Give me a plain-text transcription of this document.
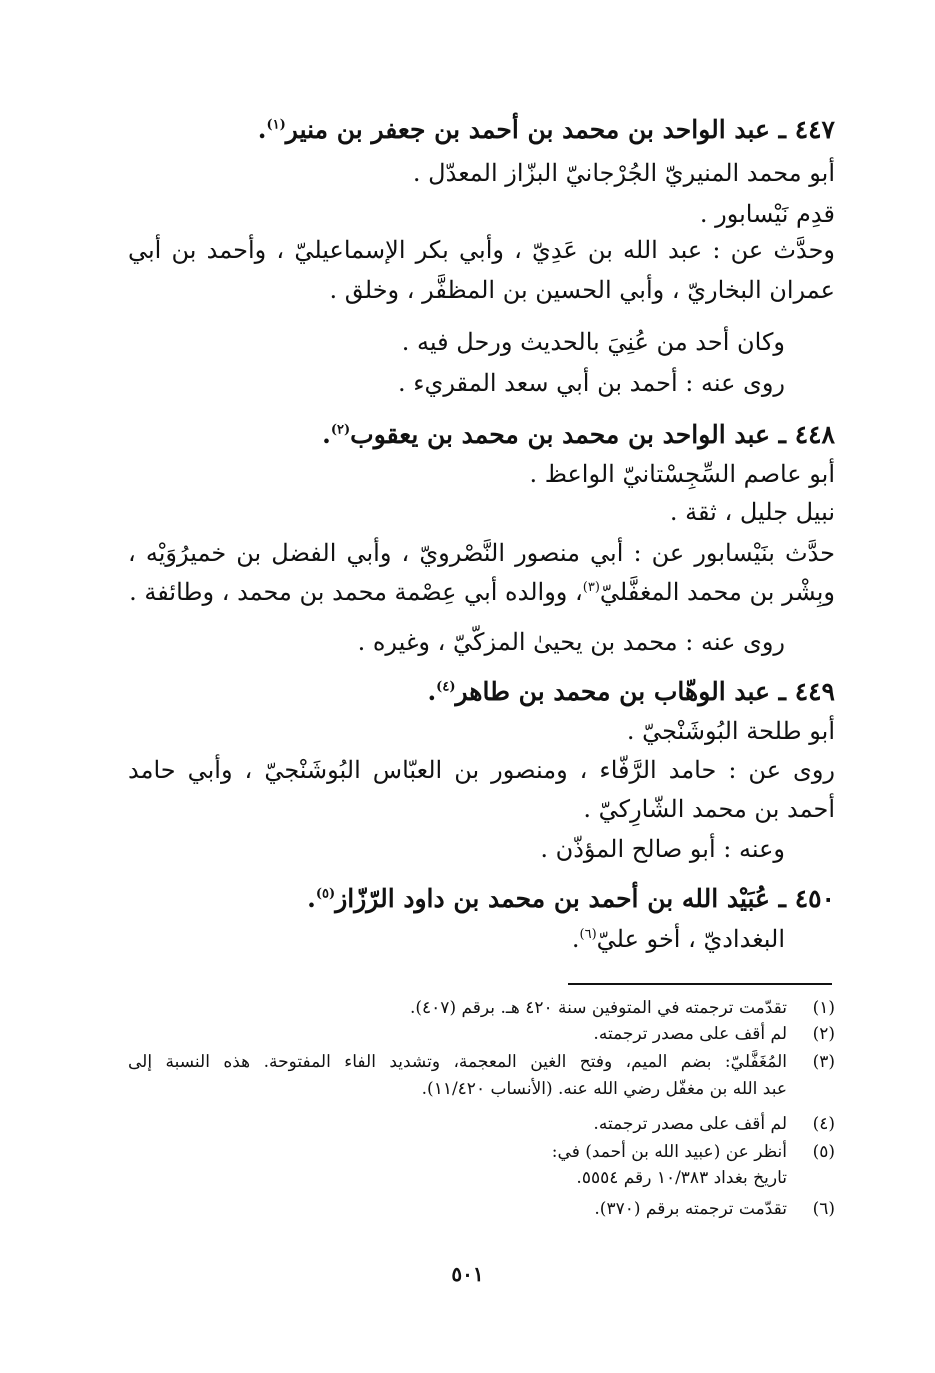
٤٤٧ ـ عبد الواحد بن محمد بن أحمد بن جعفر بن منير$^{(١)}$.
أبو محمد المنيريّ الجُرْجانيّ البزّاز المعدّل .
قدِم نَيْسابور .
وحدَّث عن : عبد الله بن عَدِيّ ، وأبي بكر الإسماعيليّ ، وأحمد بن أبي
عمران البخاريّ ، وأبي الحسين بن المظفَّر ، وخلق .
وكان أحد من عُنِيَ بالحديث ورحل فيه .
روى عنه : أحمد بن أبي سعد المقريء .
٤٤٨ ـ عبد الواحد بن محمد بن محمد بن يعقوب$^{(٢)}$.
أبو عاصم السِّجِسْتانيّ الواعظ .
نبيل جليل ، ثقة .
حدَّث بنَيْسابور عن : أبي منصور النَّصْرويّ ، وأبي الفضل بن خميرُوَيْه ،
وبِشْر بن محمد المغفَّليّ$^{(٣)}$، ووالده أبي عِصْمة محمد بن محمد ، وطائفة .
روى عنه : محمد بن يحيىٰ المزكّيّ ، وغيره .
٤٤٩ ـ عبد الوهّاب بن محمد بن طاهر$^{(٤)}$.
أبو طلحة البُوشَنْجيّ .
روى عن : حامد الرَّفّاء ، ومنصور بن العبّاس البُوشَنْجيّ ، وأبي حامد
أحمد بن محمد الشّارِكيّ .
وعنه : أبو صالح المؤذّن .
٤٥٠ ـ عُبَيْد الله بن أحمد بن محمد بن داود الرّزّاز$^{(٥)}$.
البغداديّ ، أخو عليّ$^{(٦)}$.
(١)
تقدّمت ترجمته في المتوفين سنة ٤٢٠ هـ. برقم (٤٠٧).
(٢)
لم أقف على مصدر ترجمته.
(٣)
المُغَفَّليّ: بضم الميم، وفتح الغين المعجمة، وتشديد الفاء المفتوحة. هذه النسبة إلى
عبد الله بن مغفّل رضي الله عنه. (الأنساب ١١/٤٢٠).
(٤)
لم أقف على مصدر ترجمته.
(٥)
أنظر عن (عبيد الله بن أحمد) في:
تاريخ بغداد ١٠/٣٨٣ رقم ٥٥٥٤.
(٦)
تقدّمت ترجمته برقم (٣٧٠).
٥٠١
